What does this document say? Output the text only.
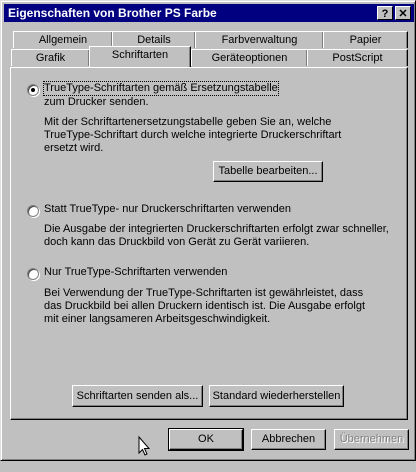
Eigenschaften von Brother PS Farbe	? ✕
Allgemein	Details	Farbverwaltung	Papier
Grafik	Schriftarten	Geräteoptionen	PostScript
TrueType-Schriftarten gemäß Ersetzungstabelle
zum Drucker senden.
Mit der Schriftartenersetzungstabelle geben Sie an, welche TrueType-Schriftart durch welche integrierte Druckerschriftart ersetzt wird.
Tabelle bearbeiten...
Statt TrueType- nur Druckerschriftarten verwenden
Die Ausgabe der integrierten Druckerschriftarten erfolgt zwar schneller, doch kann das Druckbild von Gerät zu Gerät variieren.
Nur TrueType-Schriftarten verwenden
Bei Verwendung der TrueType-Schriftarten ist gewährleistet, dass das Druckbild bei allen Druckern identisch ist. Die Ausgabe erfolgt mit einer langsameren Arbeitsgeschwindigkeit.
Schriftarten senden als...	Standard wiederherstellen
OK	Abbrechen	Übernehmen
